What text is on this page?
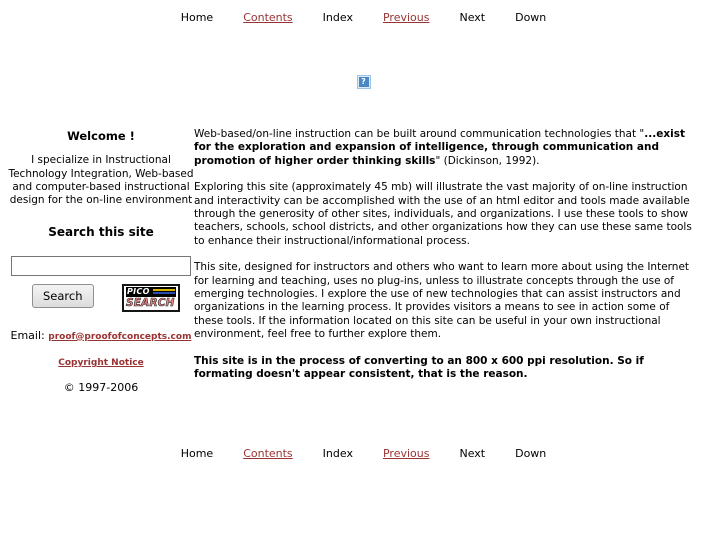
Home	Contents	Index	Previous	Next	Down
?
Welcome !

I specialize in Instructional Technology Integration, Web-based and computer-based instructional design for the on-line environment

Search this site
Search	PICO
SEARCH
Email: proof@proofofconcepts.com
Copyright Notice
© 1997-2006

Web-based/on-line instruction can be built around communication technologies that "...exist for the exploration and expansion of intelligence, through communication and promotion of higher order thinking skills" (Dickinson, 1992).

Exploring this site (approximately 45 mb) will illustrate the vast majority of on-line instruction and interactivity can be accomplished with the use of an html editor and tools made available through the generosity of other sites, individuals, and organizations. I use these tools to show teachers, schools, school districts, and other organizations how they can use these same tools to enhance their instructional/informational process.

This site, designed for instructors and others who want to learn more about using the Internet for learning and teaching, uses no plug-ins, unless to illustrate concepts through the use of emerging technologies. I explore the use of new technologies that can assist instructors and organizations in the learning process. It provides visitors a means to see in action some of these tools. If the information located on this site can be useful in your own instructional environment, feel free to further explore them.

This site is in the process of converting to an 800 x 600 ppi resolution. So if formating doesn't appear consistent, that is the reason.

Home	Contents	Index	Previous	Next	Down
